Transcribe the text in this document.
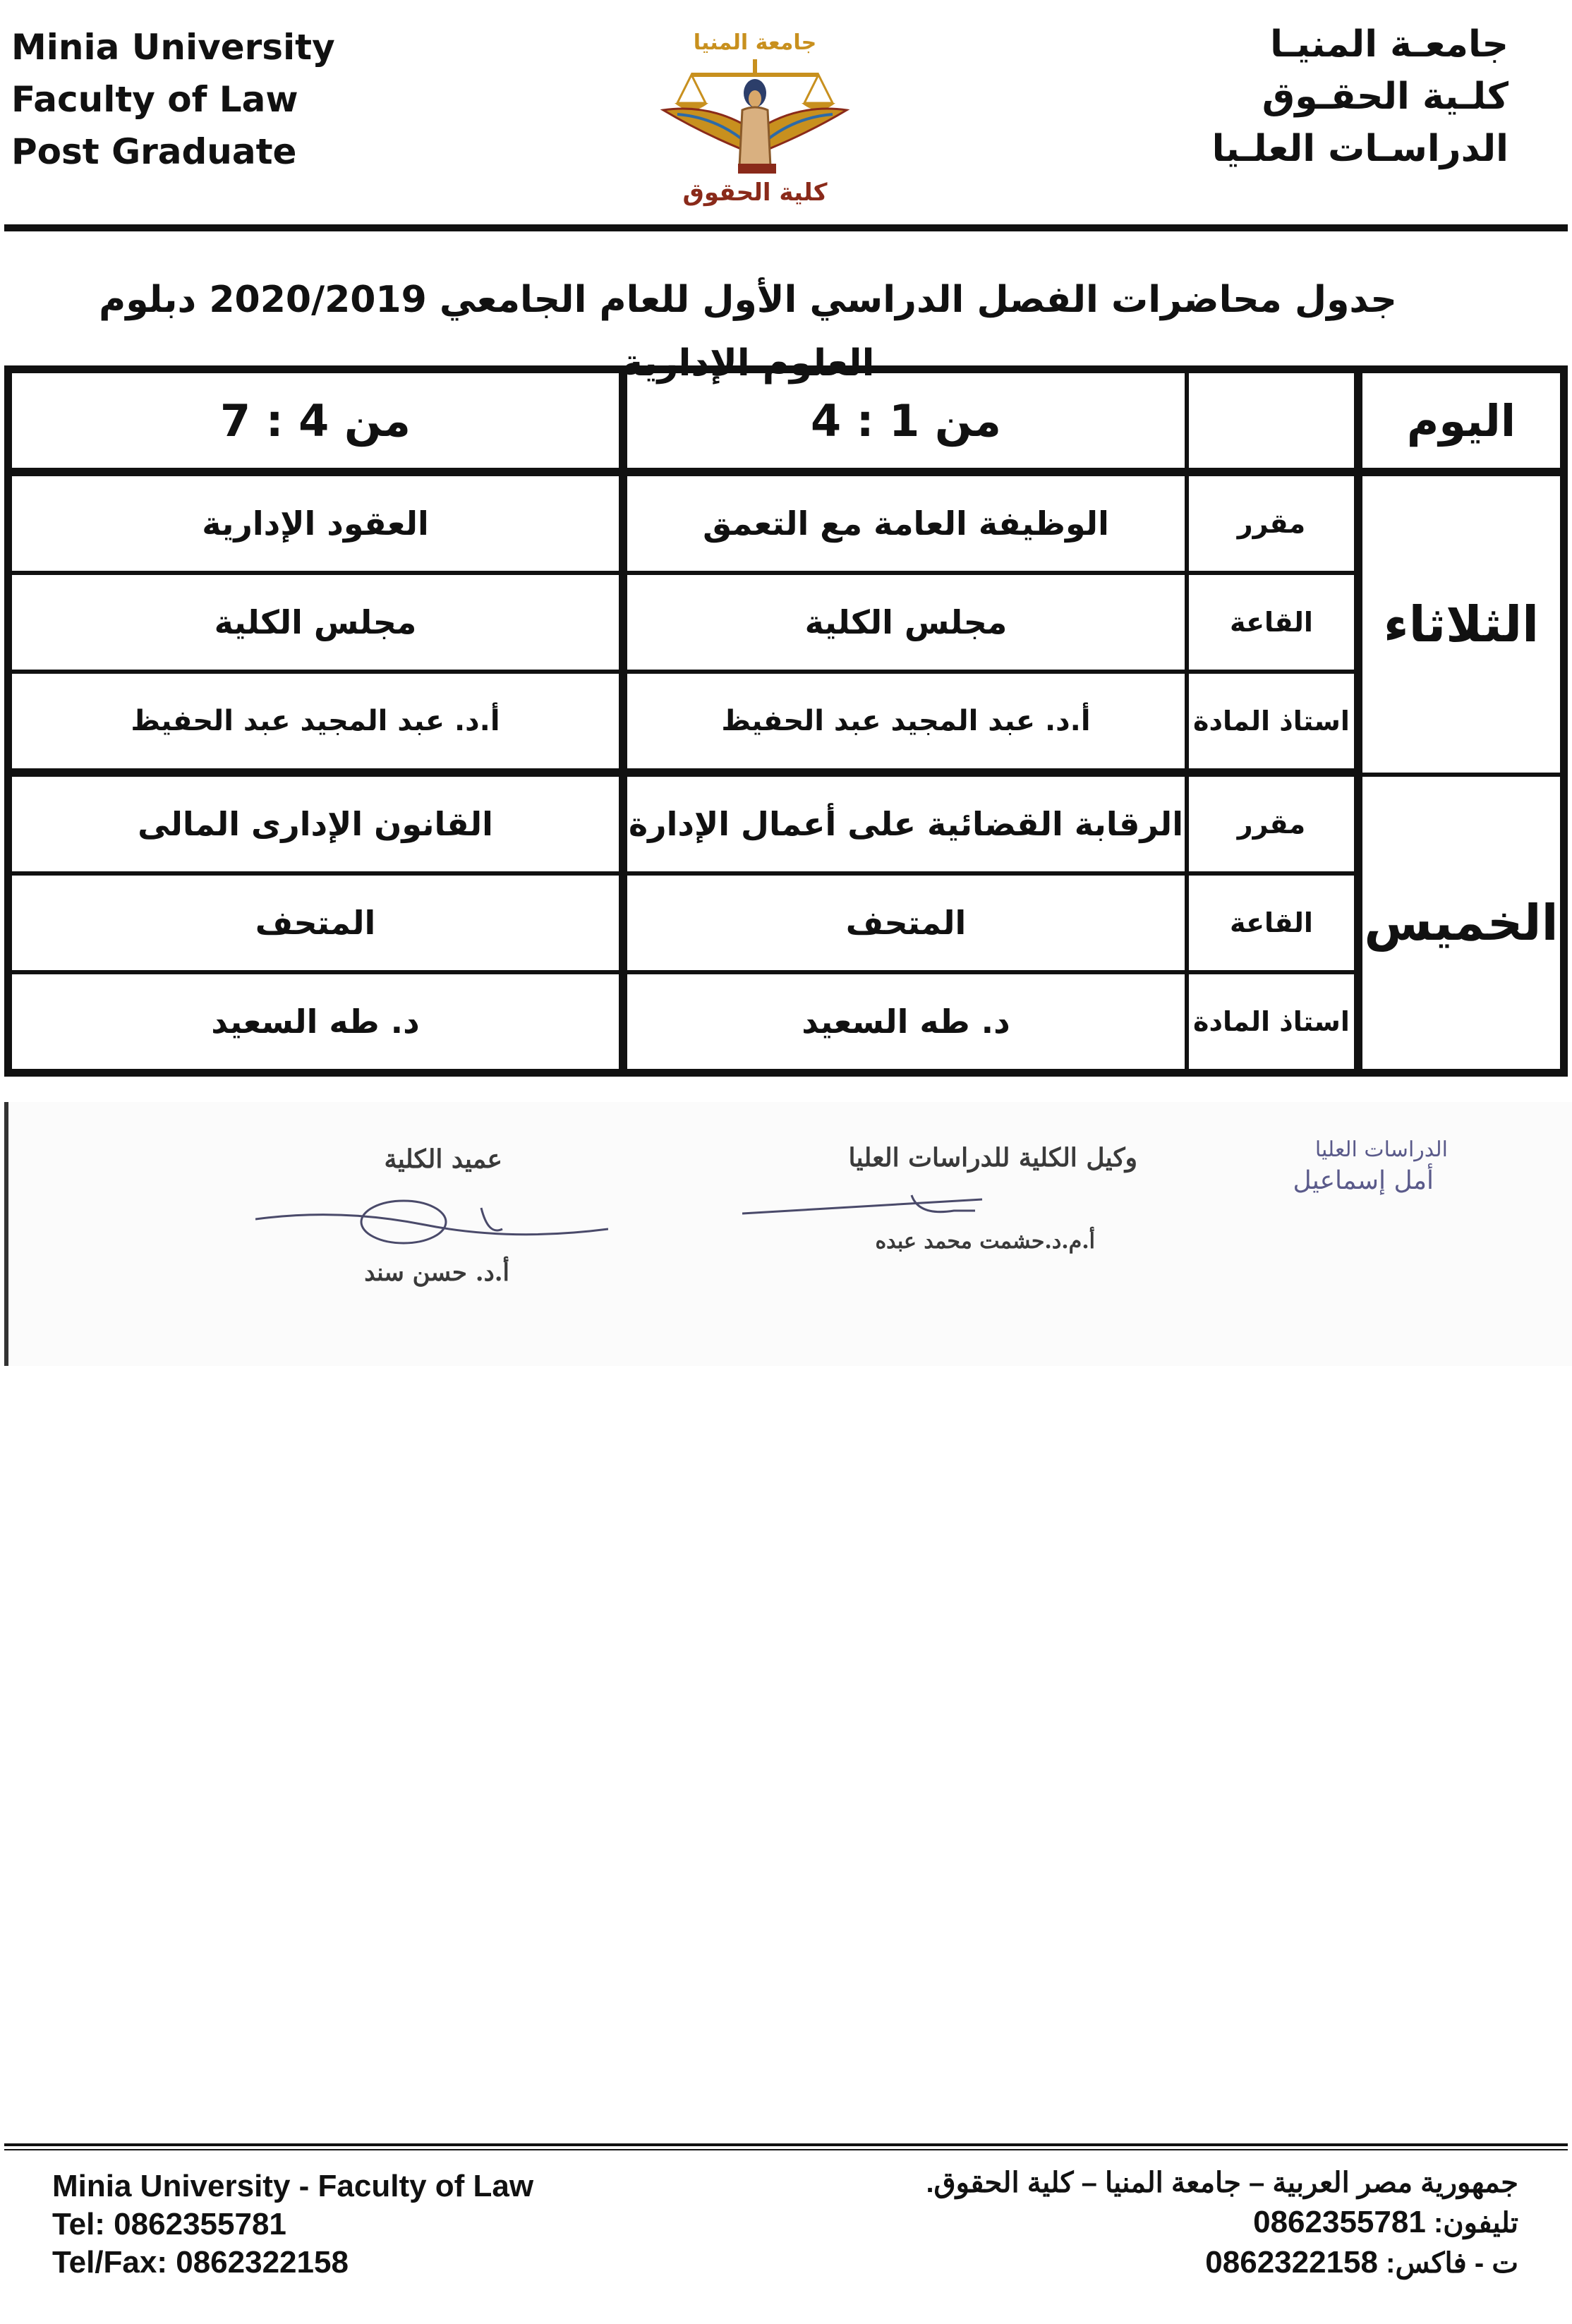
Minia University
Faculty of Law
Post Graduate
جامعة المنيا
كلية الحقوق
جامعـة المنيـا
كلـية الحقـوق
الدراسـات العلـيا
جدول محاضرات الفصل الدراسي الأول للعام الجامعي 2020/2019 دبلوم العلوم الإدارية
اليوم		من 1 : 4	من 4 : 7
الثلاثاء	مقرر	الوظيفة العامة مع التعمق	العقود الإدارية
	القاعة	مجلس الكلية	مجلس الكلية
	استاذ المادة	أ.د. عبد المجيد عبد الحفيظ	أ.د. عبد المجيد عبد الحفيظ
الخميس	مقرر	الرقابة القضائية على أعمال الإدارة	القانون الإدارى المالى
	القاعة	المتحف	المتحف
	استاذ المادة	د. طه السعيد	د. طه السعيد
عميد الكلية
أ.د. حسن سند
وكيل الكلية للدراسات العليا
أ.م.د.حشمت محمد عبده
الدراسات العليا
أمل إسماعيل
Minia University - Faculty of Law
Tel: 0862355781
Tel/Fax: 0862322158
جمهورية مصر العربية – جامعة المنيا – كلية الحقوق.
تليفون: 0862355781
ت - فاكس: 0862322158
